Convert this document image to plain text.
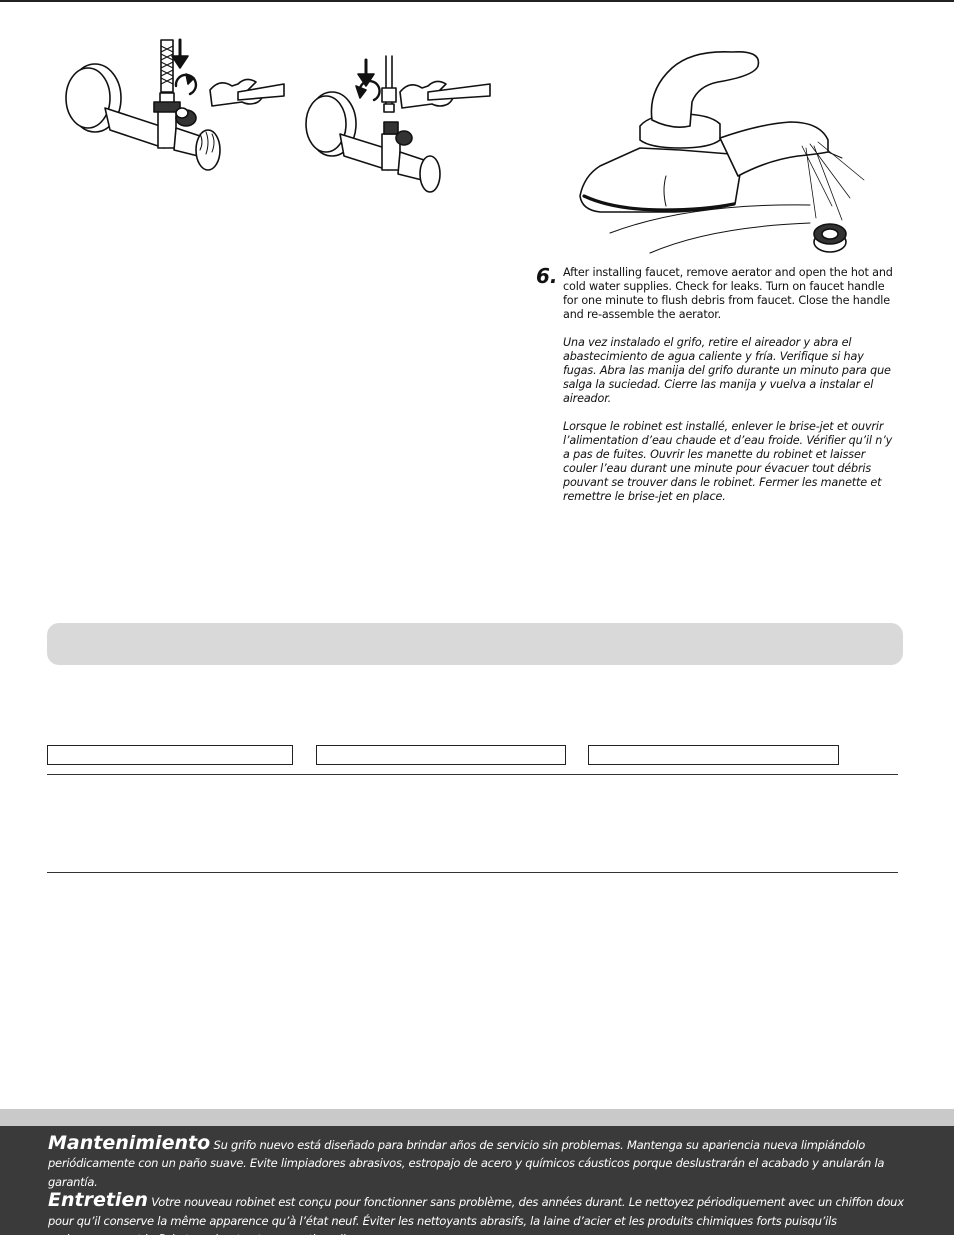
6. After installing faucet, remove aerator and open the hot and cold water supplies. Check for leaks. Turn on faucet handle for one minute to flush debris from faucet. Close the handle and re-assemble the aerator.

Una vez instalado el grifo, retire el aireador y abra el abastecimiento de agua caliente y fría. Verifique si hay fugas. Abra las manija del grifo durante un minuto para que salga la suciedad. Cierre las manija y vuelva a instalar el aireador.

Lorsque le robinet est installé, enlever le brise-jet et ouvrir l’alimentation d’eau chaude et d’eau froide. Vérifier qu’il n’y a pas de fuites. Ouvrir les manette du robinet et laisser couler l’eau durant une minute pour évacuer tout débris pouvant se trouver dans le robinet. Fermer les manette et remettre le brise-jet en place.

Mantenimiento Su grifo nuevo está diseñado para brindar años de servicio sin problemas. Mantenga su apariencia nueva limpiándolo periódicamente con un paño suave. Evite limpiadores abrasivos, estropajo de acero y químicos cáusticos porque deslustrarán el acabado y anularán la garantía.

Entretien Votre nouveau robinet est conçu pour fonctionner sans problème, des années durant. Le nettoyez périodiquement avec un chiffon doux pour qu’il conserve la même apparence qu’à l’état neuf. Éviter les nettoyants abrasifs, la laine d’acier et les produits chimiques forts puisqu’ils endommageront le fini et rendront votre garantie nulle.
